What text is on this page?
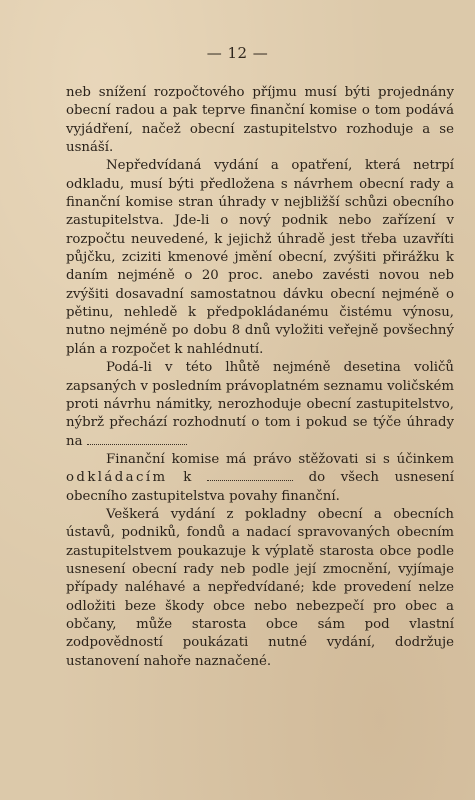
— 12 —

neb snížení rozpočtového příjmu musí býti projednány obecní radou a pak teprve finanční komise o tom podává vyjádření, načež obecní zastupitelstvo rozhoduje a se usnáší.

Nepředvídaná vydání a opatření, která netrpí odkladu, musí býti předložena s návrhem obecní rady a finanční komise stran úhrady v nejbližší schůzi obecního zastupitelstva. Jde-li o nový podnik nebo zařízení v rozpočtu neuvedené, k jejichž úhradě jest třeba uzavříti půjčku, zciziti kmenové jmění obecní, zvýšiti přirážku k daním nejméně o 20 proc. anebo zavésti novou neb zvýšiti dosavadní samostatnou dávku obecní nejméně o pětinu, nehledě k předpokládanému čistému výnosu, nutno nejméně po dobu 8 dnů vyložiti veřejně povšechný plán a rozpočet k nahlédnutí.

Podá-li v této lhůtě nejméně desetina voličů zapsaných v posledním právoplatném seznamu voličském proti návrhu námitky, nerozhoduje obecní zastupitelstvo, nýbrž přechází rozhodnutí o tom i pokud se týče úhrady na

Finanční komise má právo stěžovati si s účinkem odkládacím k	do všech usnesení obecního zastupitelstva povahy finanční.

Veškerá vydání z pokladny obecní a obecních ústavů, podniků, fondů a nadací spravovaných obecním zastupitelstvem poukazuje k výplatě starosta obce podle usnesení obecní rady neb podle její zmocnění, vyjímaje případy naléhavé a nepředvídané; kde provedení nelze odložiti beze škody obce nebo nebezpečí pro obec a občany, může starosta obce sám pod vlastní zodpovědností poukázati nutné vydání, dodržuje ustanovení nahoře naznačené.
